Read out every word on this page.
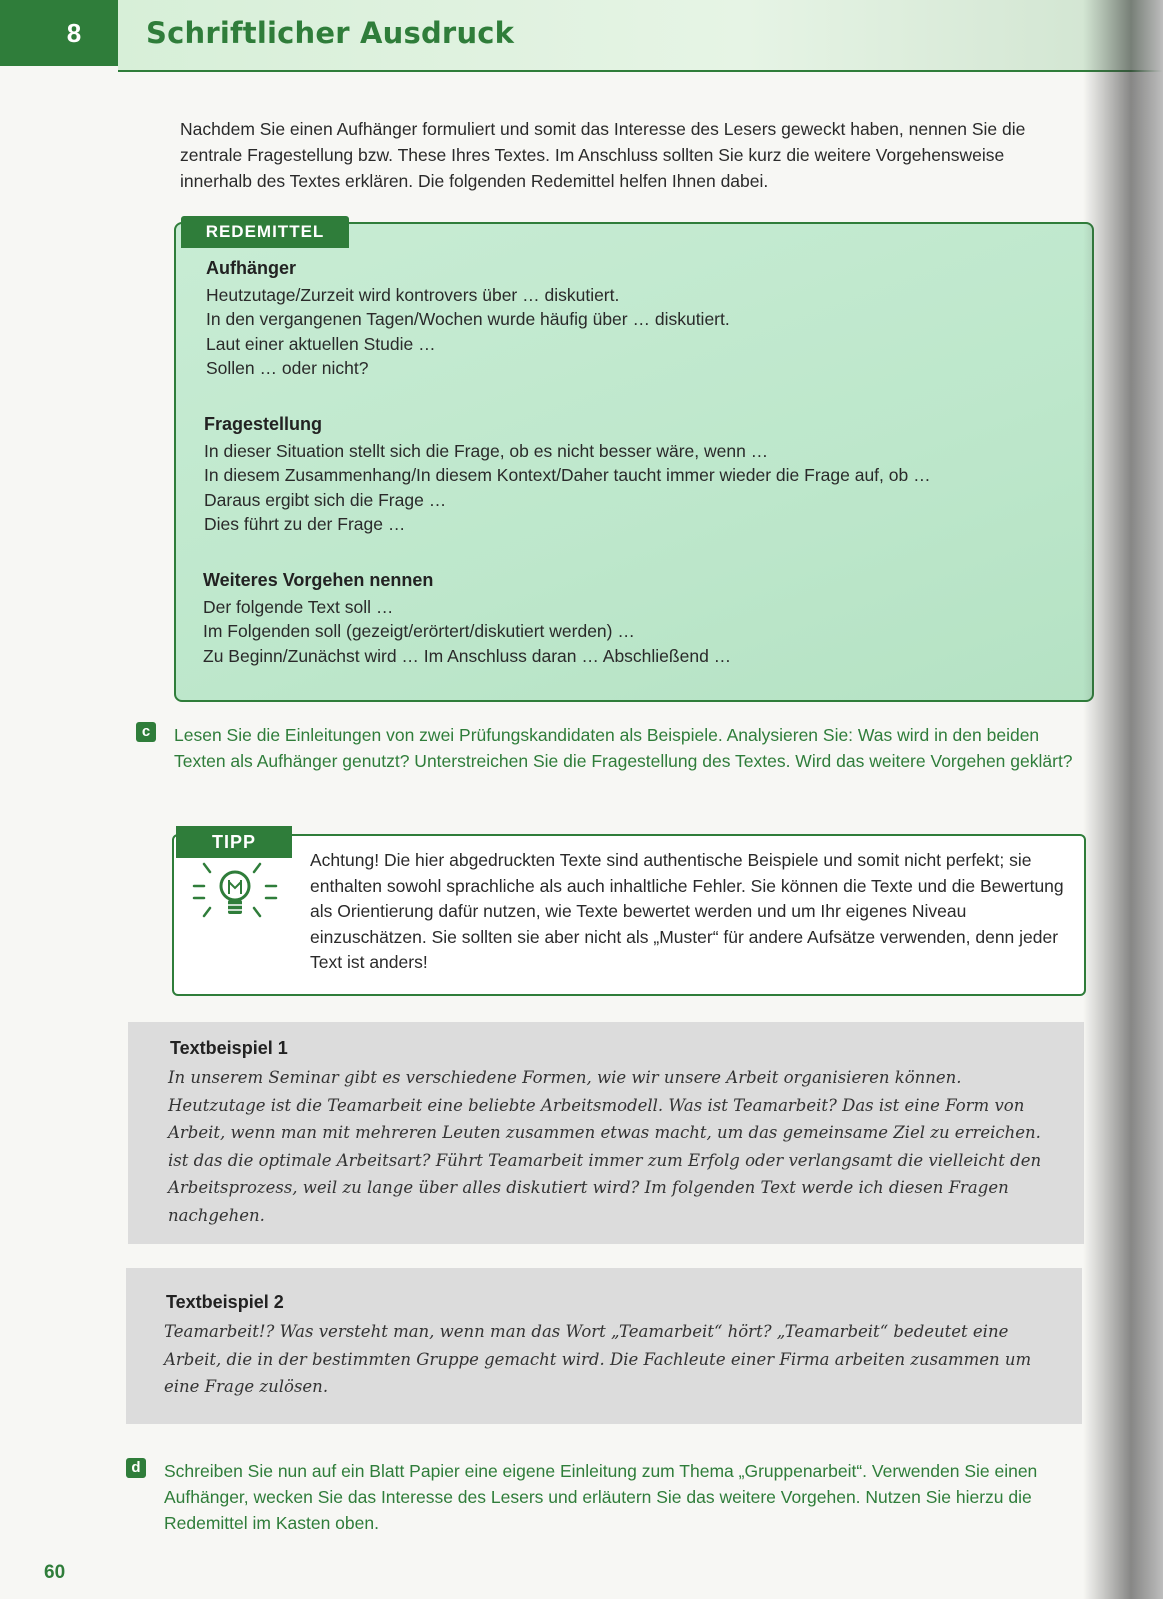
8	Schriftlicher Ausdruck
Nachdem Sie einen Aufhänger formuliert und somit das Interesse des Lesers geweckt haben, nennen Sie die zentrale Fragestellung bzw. These Ihres Textes. Im Anschluss sollten Sie kurz die weitere Vorgehensweise innerhalb des Textes erklären. Die folgenden Redemittel helfen Ihnen dabei.
REDEMITTEL
Aufhänger
Heutzutage/Zurzeit wird kontrovers über … diskutiert.
In den vergangenen Tagen/Wochen wurde häufig über … diskutiert.
Laut einer aktuellen Studie …
Sollen … oder nicht?
Fragestellung
In dieser Situation stellt sich die Frage, ob es nicht besser wäre, wenn …
In diesem Zusammenhang/In diesem Kontext/Daher taucht immer wieder die Frage auf, ob …
Daraus ergibt sich die Frage …
Dies führt zu der Frage …
Weiteres Vorgehen nennen
Der folgende Text soll …
Im Folgenden soll (gezeigt/erörtert/diskutiert werden) …
Zu Beginn/Zunächst wird … Im Anschluss daran … Abschließend …
c	Lesen Sie die Einleitungen von zwei Prüfungskandidaten als Beispiele. Analysieren Sie: Was wird in den beiden Texten als Aufhänger genutzt? Unterstreichen Sie die Fragestellung des Textes. Wird das weitere Vorgehen geklärt?
TIPP
Achtung! Die hier abgedruckten Texte sind authentische Beispiele und somit nicht perfekt; sie enthalten sowohl sprachliche als auch inhaltliche Fehler. Sie können die Texte und die Bewertung als Orientierung dafür nutzen, wie Texte bewertet werden und um Ihr eigenes Niveau einzuschätzen. Sie sollten sie aber nicht als „Muster“ für andere Aufsätze verwenden, denn jeder Text ist anders!
Textbeispiel 1
In unserem Seminar gibt es verschiedene Formen, wie wir unsere Arbeit organisieren können. Heutzutage ist die Teamarbeit eine beliebte Arbeitsmodell. Was ist Teamarbeit? Das ist eine Form von Arbeit, wenn man mit mehreren Leuten zusammen etwas macht, um das gemeinsame Ziel zu erreichen. ist das die optimale Arbeitsart? Führt Teamarbeit immer zum Erfolg oder verlangsamt die vielleicht den Arbeitsprozess, weil zu lange über alles diskutiert wird? Im folgenden Text werde ich diesen Fragen nachgehen.
Textbeispiel 2
Teamarbeit!? Was versteht man, wenn man das Wort „Teamarbeit“ hört? „Teamarbeit“ bedeutet eine Arbeit, die in der bestimmten Gruppe gemacht wird. Die Fachleute einer Firma arbeiten zusammen um eine Frage zulösen.
d	Schreiben Sie nun auf ein Blatt Papier eine eigene Einleitung zum Thema „Gruppenarbeit“. Verwenden Sie einen Aufhänger, wecken Sie das Interesse des Lesers und erläutern Sie das weitere Vorgehen. Nutzen Sie hierzu die Redemittel im Kasten oben.
60
